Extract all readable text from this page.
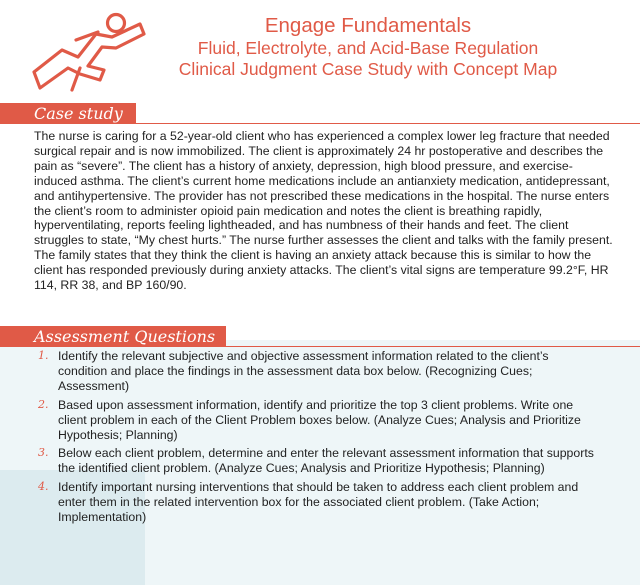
Engage Fundamentals
Fluid, Electrolyte, and Acid-Base Regulation
Clinical Judgment Case Study with Concept Map
Case study

The nurse is caring for a 52-year-old client who has experienced a complex lower leg fracture that needed surgical repair and is now immobilized. The client is approximately 24 hr postoperative and describes the pain as “severe”. The client has a history of anxiety, depression, high blood pressure, and exercise-induced asthma. The client’s current home medications include an antianxiety medication, antidepressant, and antihypertensive. The provider has not prescribed these medications in the hospital. The nurse enters the client’s room to administer opioid pain medication and notes the client is breathing rapidly, hyperventilating, reports feeling lightheaded, and has numbness of their hands and feet. The client struggles to state, “My chest hurts.” The nurse further assesses the client and talks with the family present. The family states that they think the client is having an anxiety attack because this is similar to how the client has responded previously during anxiety attacks. The client’s vital signs are temperature 99.2°F, HR 114, RR 38, and BP 160/90.

Assessment Questions
1. Identify the relevant subjective and objective assessment information related to the client’s condition and place the findings in the assessment data box below. (Recognizing Cues; Assessment)
2. Based upon assessment information, identify and prioritize the top 3 client problems. Write one client problem in each of the Client Problem boxes below. (Analyze Cues; Analysis and Prioritize Hypothesis; Planning)
3. Below each client problem, determine and enter the relevant assessment information that supports the identified client problem. (Analyze Cues; Analysis and Prioritize Hypothesis; Planning)
4. Identify important nursing interventions that should be taken to address each client problem and enter them in the related intervention box for the associated client problem. (Take Action; Implementation)
